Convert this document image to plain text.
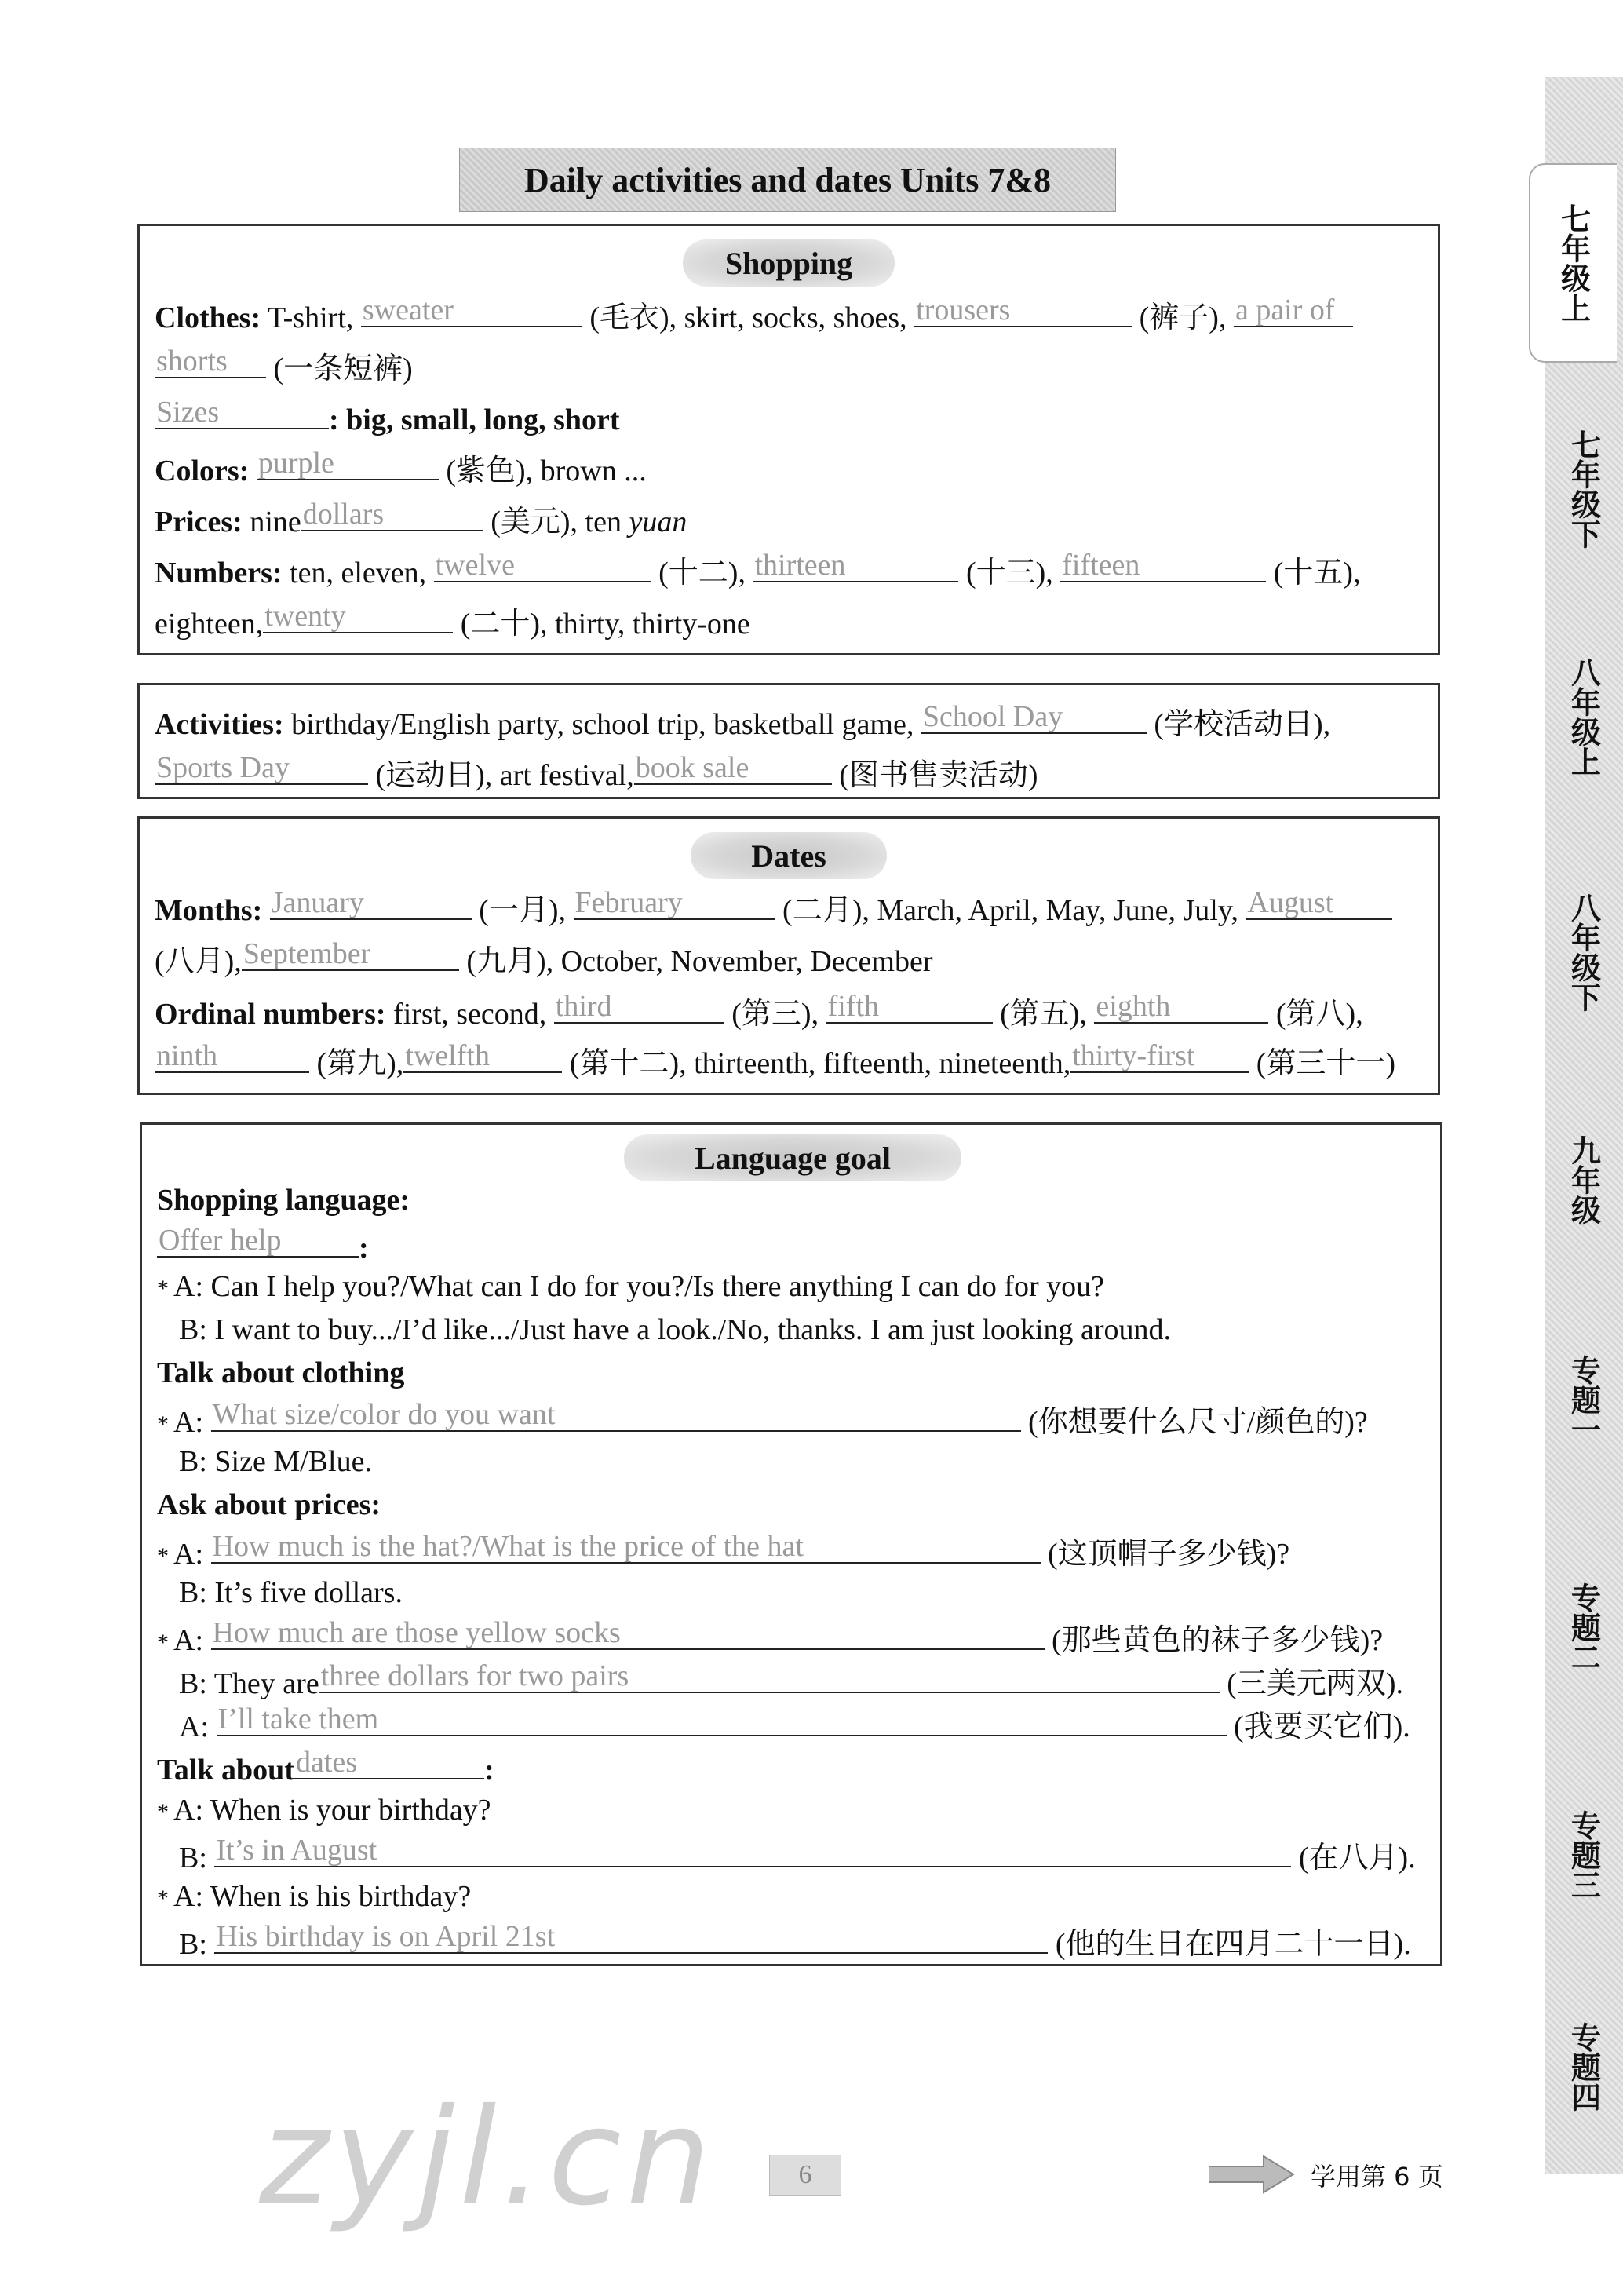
Daily activities and dates Units 7&8
Shopping
Clothes: T-shirt, sweater	(毛衣), skirt, socks, shoes, trousers	(裤子), a pair of
shorts (一条短裤)
Sizes	: big, small, long, short
Colors: purple	(紫色), brown ...
Prices: ninedollars	(美元), ten yuan
Numbers: ten, eleven, twelve	(十二), thirteen	(十三), fifteen	(十五),
eighteen,twenty	(二十), thirty, thirty-one
Activities: birthday/English party, school trip, basketball game, School Day	(学校活动日),
Sports Day	(运动日), art festival,book sale	(图书售卖活动)
Dates
Months: January	(一月), February	(二月), March, April, May, June, July, August
(八月),September	(九月), October, November, December
Ordinal numbers: first, second, third	(第三), fifth	(第五), eighth	(第八),
ninth	(第九),twelfth	(第十二), thirteenth, fifteenth, nineteenth,thirty-first (第三十一)
Language goal
Shopping language:
Offer help	:
* A: Can I help you?/What can I do for you?/Is there anything I can do for you?
B: I want to buy.../I’d like.../Just have a look./No, thanks. I am just looking around.
Talk about clothing
* A: What size/color do you want	(你想要什么尺寸/颜色的)?
B: Size M/Blue.
Ask about prices:
* A: How much is the hat?/What is the price of the hat	(这顶帽子多少钱)?
B: It’s five dollars.
* A: How much are those yellow socks	(那些黄色的袜子多少钱)?
B: They arethree dollars for two pairs	(三美元两双).
A: I’ll take them	(我要买它们).
Talk aboutdates	:
* A: When is your birthday?
B: It’s in August	(在八月).
* A: When is his birthday?
B: His birthday is on April 21st	(他的生日在四月二十一日).
七年级上
七年级下
八年级上
八年级下
九年级
专题一
专题二
专题三
专题四
zyjl.cn	6	学用第 6 页
